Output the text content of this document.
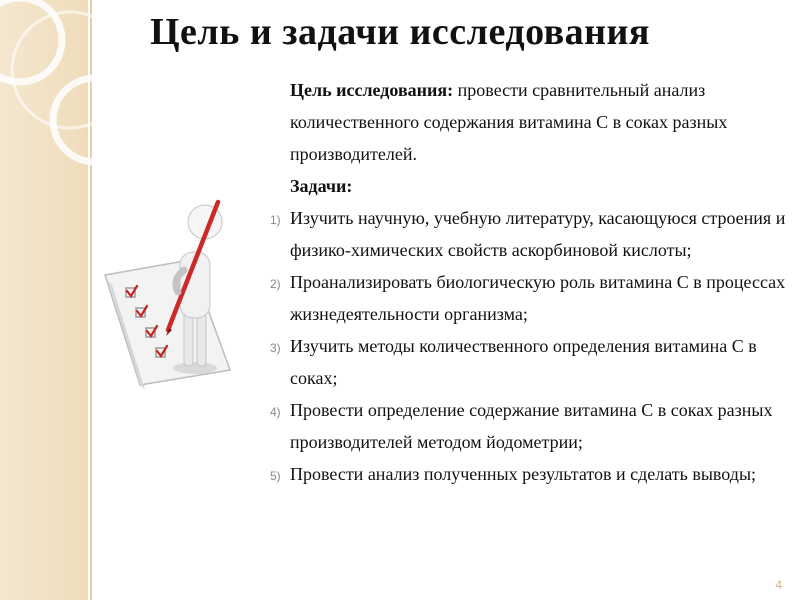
Цель и задачи исследования

Цель исследования: провести сравнительный анализ количественного содержания витамина С в соках разных производителей.

Задачи:

1) Изучить научную, учебную литературу, касающуюся строения и физико-химических свойств аскорбиновой кислоты;
2) Проанализировать биологическую роль витамина С в процессах жизнедеятельности организма;
3) Изучить методы количественного определения витамина С в соках;
4) Провести определение содержание витамина С в соках разных производителей методом йодометрии;
5) Провести анализ полученных результатов и сделать выводы;
4
